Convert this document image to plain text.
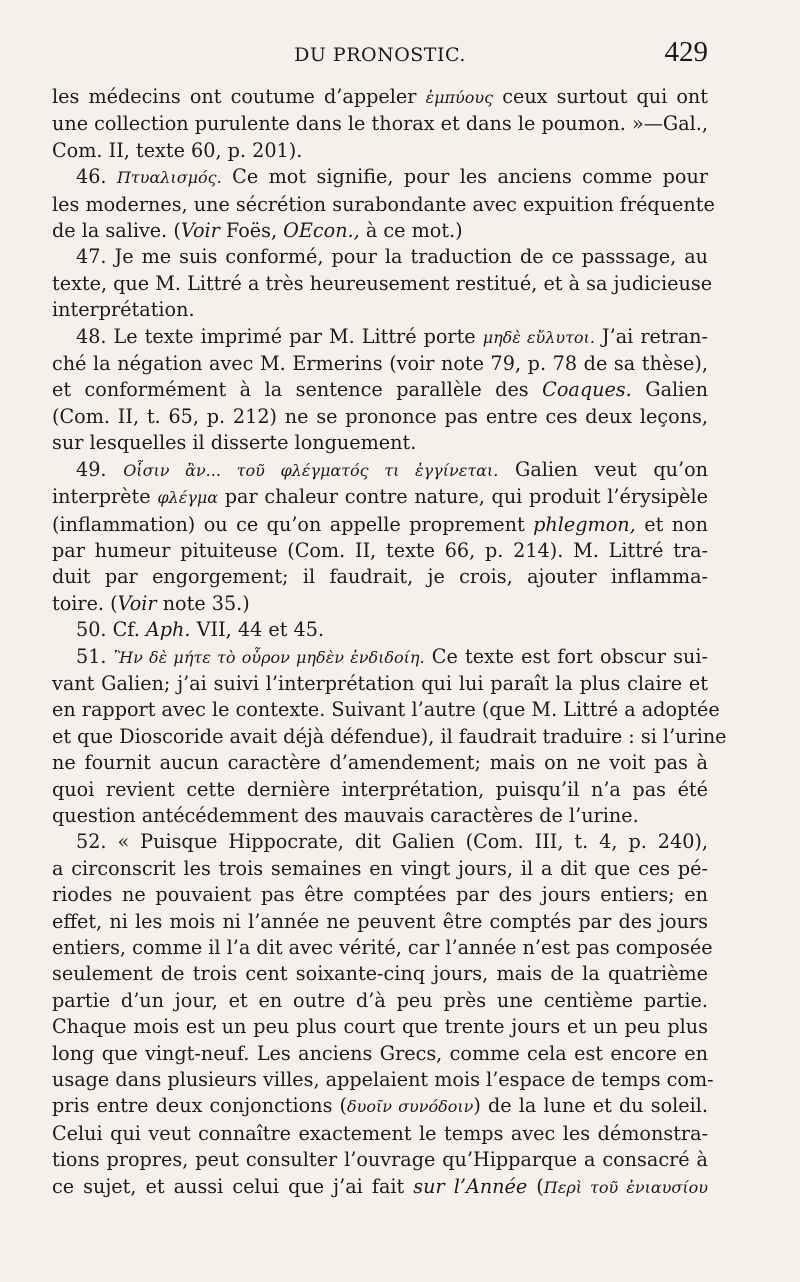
DU PRONOSTIC.	429
les médecins ont coutume d’appeler ἐμπύους ceux surtout qui ont
une collection purulente dans le thorax et dans le poumon. »—Gal.,
Com. II, texte 60, p. 201).
46. Πτυαλισμός. Ce mot signifie, pour les anciens comme pour
les modernes, une sécrétion surabondante avec expuition fréquente
de la salive. (Voir Foës, OEcon., à ce mot.)
47. Je me suis conformé, pour la traduction de ce passsage, au
texte, que M. Littré a très heureusement restitué, et à sa judicieuse
interprétation.
48. Le texte imprimé par M. Littré porte μηδὲ εὔλυτοι. J’ai retran-
ché la négation avec M. Ermerins (voir note 79, p. 78 de sa thèse),
et conformément à la sentence parallèle des Coaques. Galien
(Com. II, t. 65, p. 212) ne se prononce pas entre ces deux leçons,
sur lesquelles il disserte longuement.
49. Οἷσιν ἂν... τοῦ φλέγματός τι ἐγγίνεται. Galien veut qu’on
interprète φλέγμα par chaleur contre nature, qui produit l’érysipèle
(inflammation) ou ce qu’on appelle proprement phlegmon, et non
par humeur pituiteuse (Com. II, texte 66, p. 214). M. Littré tra-
duit par engorgement; il faudrait, je crois, ajouter inflamma-
toire. (Voir note 35.)
50. Cf. Aph. VII, 44 et 45.
51. Ἢν δὲ μήτε τὸ οὖρον μηδὲν ἐνδιδοίη. Ce texte est fort obscur sui-
vant Galien; j’ai suivi l’interprétation qui lui paraît la plus claire et
en rapport avec le contexte. Suivant l’autre (que M. Littré a adoptée
et que Dioscoride avait déjà défendue), il faudrait traduire : si l’urine
ne fournit aucun caractère d’amendement; mais on ne voit pas à
quoi revient cette dernière interprétation, puisqu’il n’a pas été
question antécédemment des mauvais caractères de l’urine.
52. « Puisque Hippocrate, dit Galien (Com. III, t. 4, p. 240),
a circonscrit les trois semaines en vingt jours, il a dit que ces pé-
riodes ne pouvaient pas être comptées par des jours entiers; en
effet, ni les mois ni l’année ne peuvent être comptés par des jours
entiers, comme il l’a dit avec vérité, car l’année n’est pas composée
seulement de trois cent soixante-cinq jours, mais de la quatrième
partie d’un jour, et en outre d’à peu près une centième partie.
Chaque mois est un peu plus court que trente jours et un peu plus
long que vingt-neuf. Les anciens Grecs, comme cela est encore en
usage dans plusieurs villes, appelaient mois l’espace de temps com-
pris entre deux conjonctions (δυοῖν συνόδοιν) de la lune et du soleil.
Celui qui veut connaître exactement le temps avec les démonstra-
tions propres, peut consulter l’ouvrage qu’Hipparque a consacré à
ce sujet, et aussi celui que j’ai fait sur l’Année (Περὶ τοῦ ἐνιαυσίου
